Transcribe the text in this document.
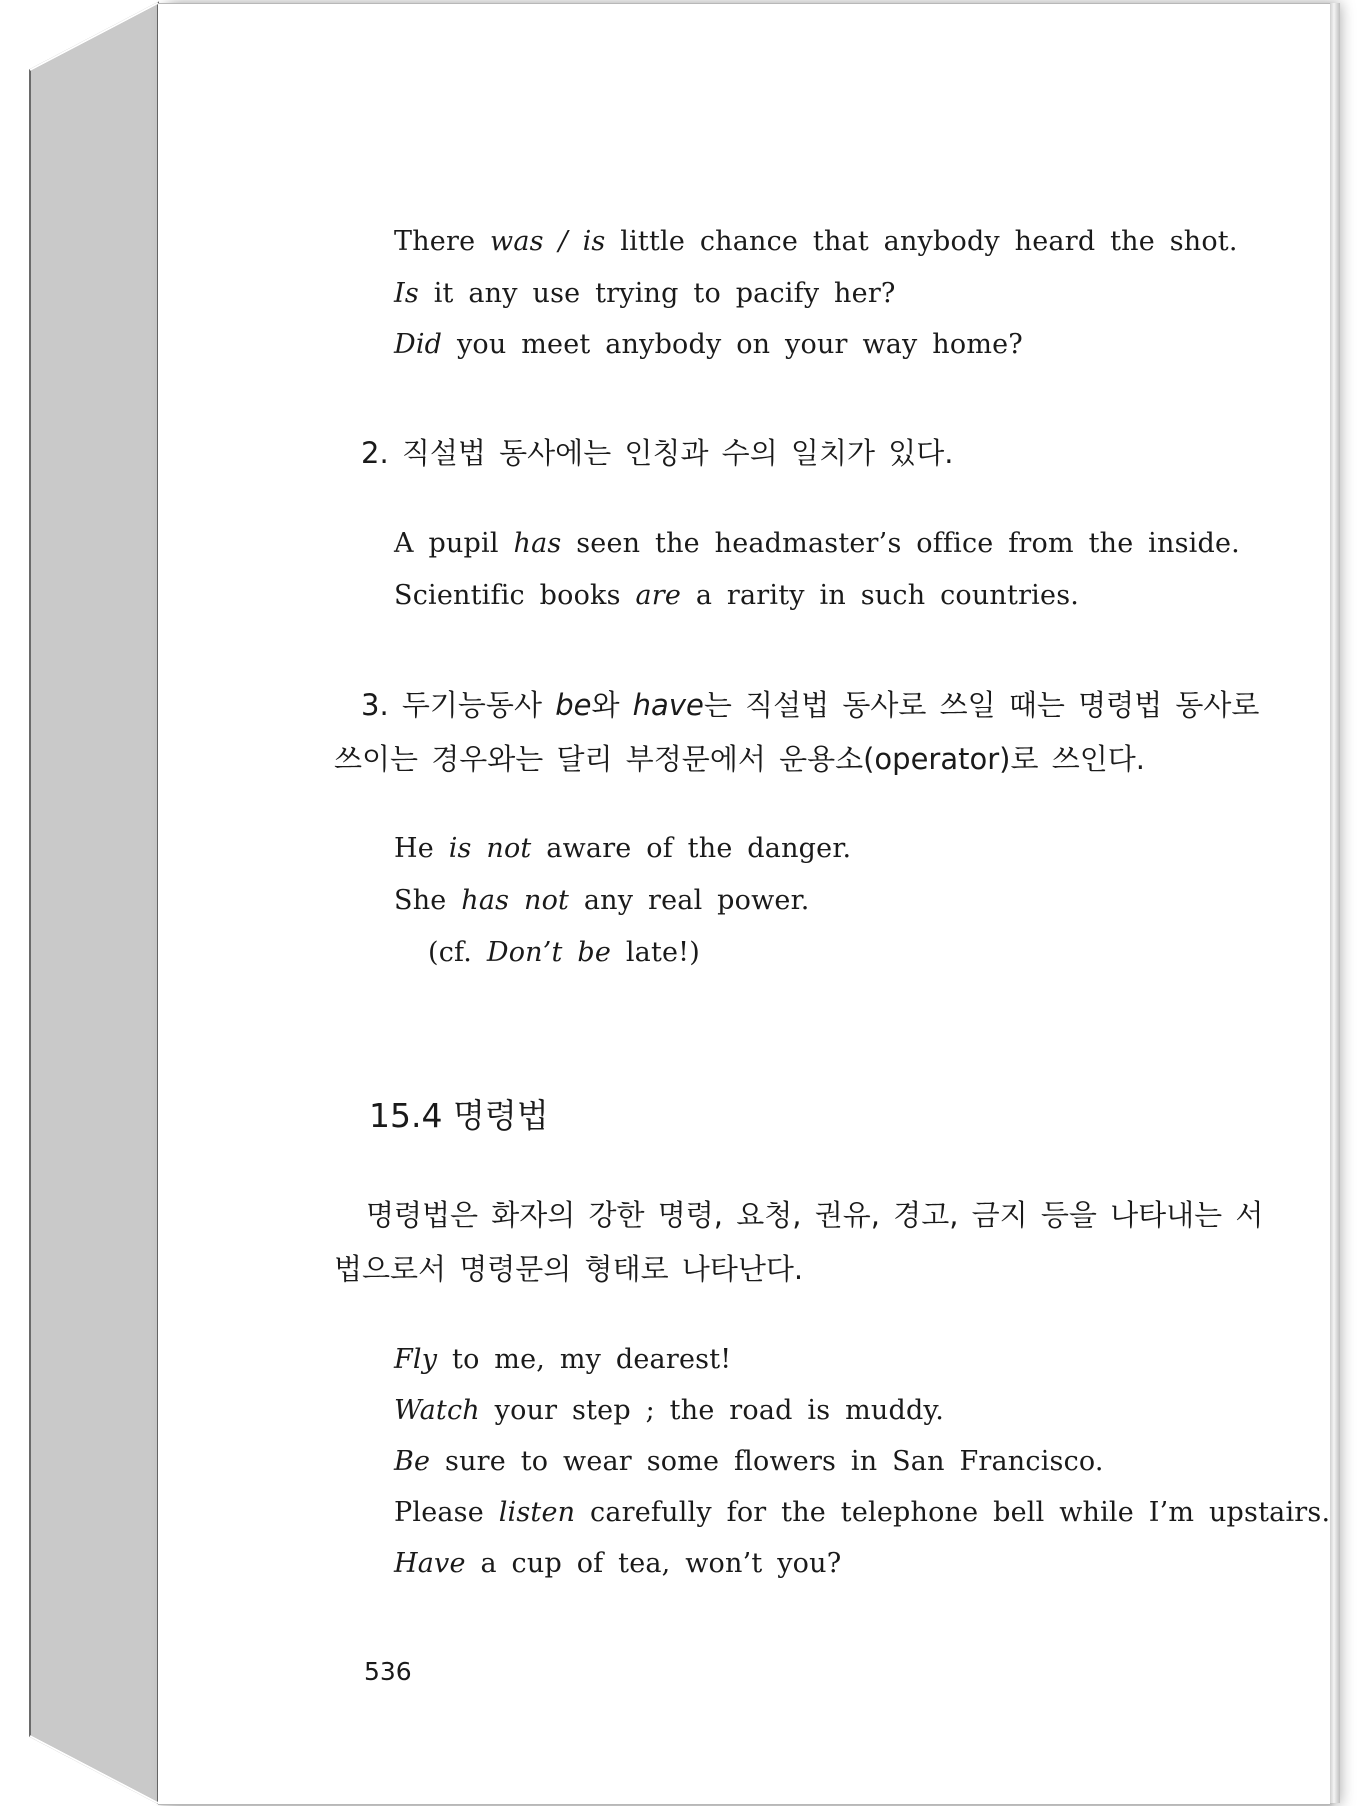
There was / is little chance that anybody heard the shot.
Is it any use trying to pacify her?
Did you meet anybody on your way home?
2. 직설법 동사에는 인칭과 수의 일치가 있다.
A pupil has seen the headmaster’s office from the inside.
Scientific books are a rarity in such countries.
3. 두기능동사 be와 have는 직설법 동사로 쓰일 때는 명령법 동사로
쓰이는 경우와는 달리 부정문에서 운용소(operator)로 쓰인다.
He is not aware of the danger.
She has not any real power.
(cf. Don’t be late!)
15.4 명령법
명령법은 화자의 강한 명령, 요청, 권유, 경고, 금지 등을 나타내는 서
법으로서 명령문의 형태로 나타난다.
Fly to me, my dearest!
Watch your step ; the road is muddy.
Be sure to wear some flowers in San Francisco.
Please listen carefully for the telephone bell while I’m upstairs.
Have a cup of tea, won’t you?
536
